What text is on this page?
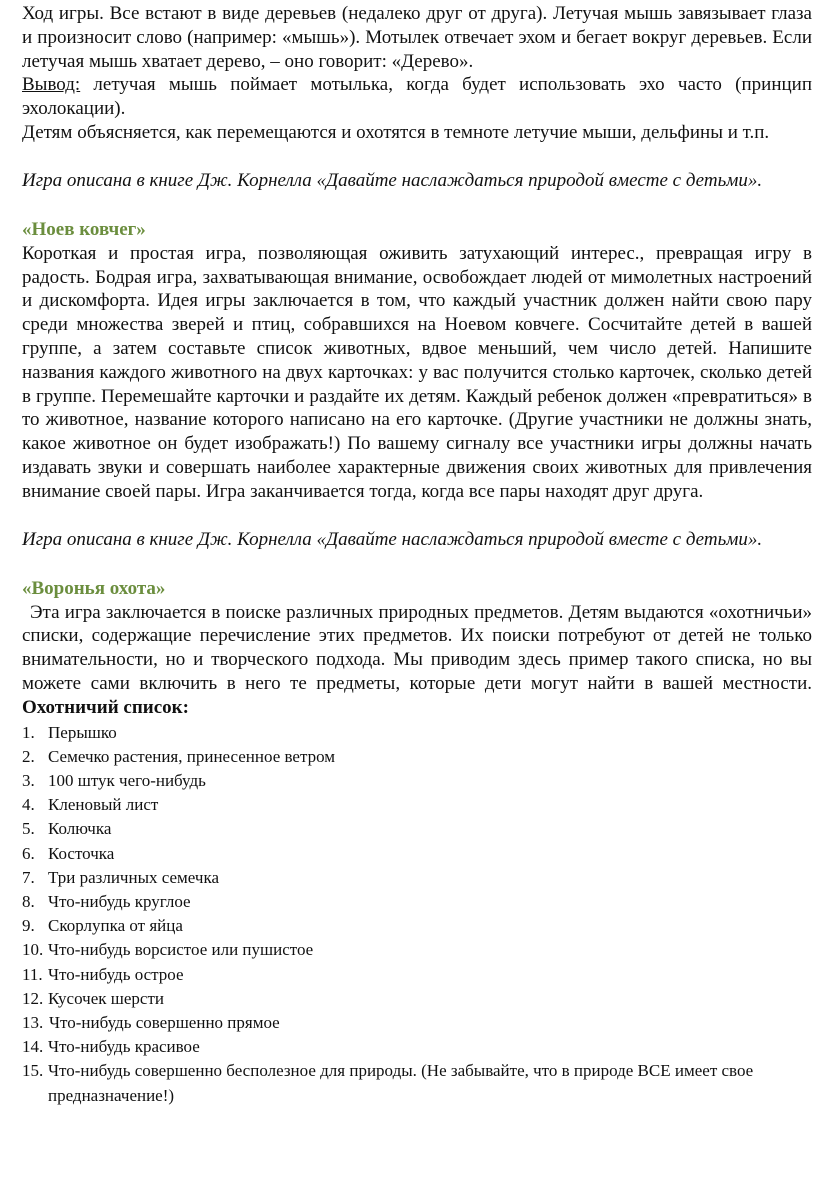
Ход игры. Все встают в виде деревьев (недалеко друг от друга). Летучая мышь завязывает глаза и произносит слово (например: «мышь»). Мотылек отвечает эхом и бегает вокруг деревьев. Если летучая мышь хватает дерево, – оно говорит: «Дерево».

Вывод: летучая мышь поймает мотылька, когда будет использовать эхо часто (принцип эхолокации).

Детям объясняется, как перемещаются и охотятся в темноте летучие мыши, дельфины и т.п.

Игра описана в книге Дж. Корнелла «Давайте наслаждаться природой вместе с детьми».

«Ноев ковчег»

Короткая и простая игра, позволяющая оживить затухающий интерес., превращая игру в радость. Бодрая игра, захватывающая внимание, освобождает людей от мимолетных настроений и дискомфорта. Идея игры заключается в том, что каждый участник должен найти свою пару среди множества зверей и птиц, собравшихся на Ноевом ковчеге. Сосчитайте детей в вашей группе, а затем составьте список животных, вдвое меньший, чем число детей. Напишите названия каждого животного на двух карточках: у вас получится столько карточек, сколько детей в группе. Перемешайте карточки и раздайте их детям. Каждый ребенок должен «превратиться» в то животное, название которого написано на его карточке. (Другие участники не должны знать, какое животное он будет изображать!) По вашему сигналу все участники игры должны начать издавать звуки и совершать наиболее характерные движения своих животных для привлечения внимание своей пары. Игра заканчивается тогда, когда все пары находят друг друга.

Игра описана в книге Дж. Корнелла «Давайте наслаждаться природой вместе с детьми».

«Воронья охота»

Эта игра заключается в поиске различных природных предметов. Детям выдаются «охотничьи» списки, содержащие перечисление этих предметов. Их поиски потребуют от детей не только внимательности, но и творческого подхода. Мы приводим здесь пример такого списка, но вы можете сами включить в него те предметы, которые дети могут найти в вашей местности. Охотничий список:

1. Перышко
2. Семечко растения, принесенное ветром
3. 100 штук чего-нибудь
4. Кленовый лист
5. Колючка
6. Косточка
7. Три различных семечка
8. Что-нибудь круглое
9. Скорлупка от яйца
10. Что-нибудь ворсистое или пушистое
11. Что-нибудь острое
12. Кусочек шерсти
13. Что-нибудь совершенно прямое
14. Что-нибудь красивое
15. Что-нибудь совершенно бесполезное для природы. (Не забывайте, что в природе ВСЕ имеет свое предназначение!)
